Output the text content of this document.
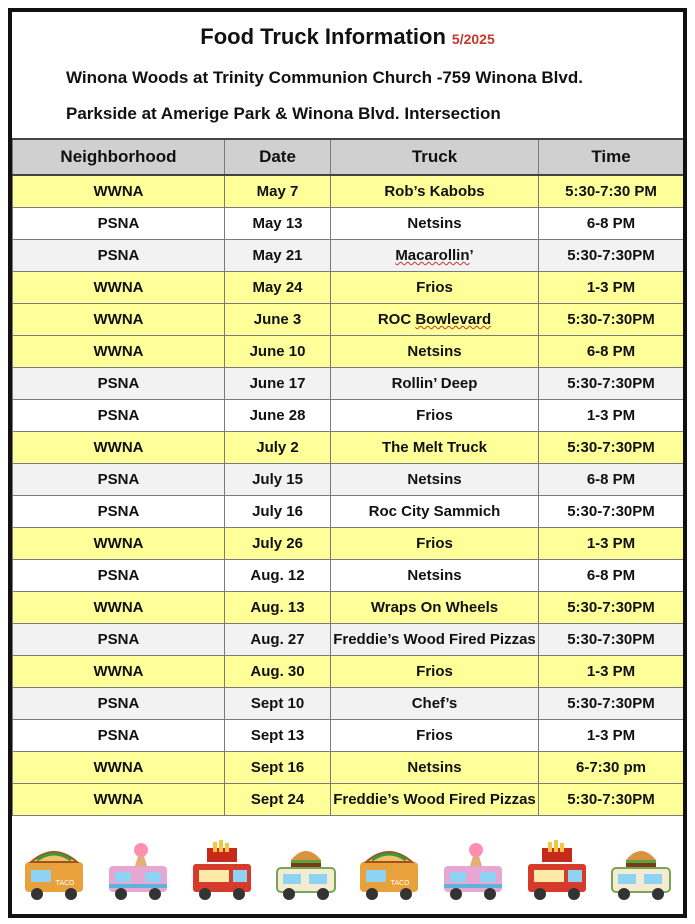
Food Truck Information 5/2025
Winona Woods at Trinity Communion Church -759 Winona Blvd.
Parkside at Amerige Park & Winona Blvd. Intersection
Neighborhood	Date	Truck	Time
WWNA	May 7	Rob’s Kabobs	5:30-7:30 PM
PSNA	May 13	Netsins	6-8 PM
PSNA	May 21	Macarollin’	5:30-7:30PM
WWNA	May 24	Frios	1-3 PM
WWNA	June 3	ROC Bowlevard	5:30-7:30PM
WWNA	June 10	Netsins	6-8 PM
PSNA	June 17	Rollin’ Deep	5:30-7:30PM
PSNA	June 28	Frios	1-3 PM
WWNA	July 2	The Melt Truck	5:30-7:30PM
PSNA	July 15	Netsins	6-8 PM
PSNA	July 16	Roc City Sammich	5:30-7:30PM
WWNA	July 26	Frios	1-3 PM
PSNA	Aug. 12	Netsins	6-8 PM
WWNA	Aug. 13	Wraps On Wheels	5:30-7:30PM
PSNA	Aug. 27	Freddie’s Wood Fired Pizzas	5:30-7:30PM
WWNA	Aug. 30	Frios	1-3 PM
PSNA	Sept 10	Chef’s	5:30-7:30PM
PSNA	Sept 13	Frios	1-3 PM
WWNA	Sept 16	Netsins	6-7:30 pm
WWNA	Sept 24	Freddie’s Wood Fired Pizzas	5:30-7:30PM
TACO	TACO
